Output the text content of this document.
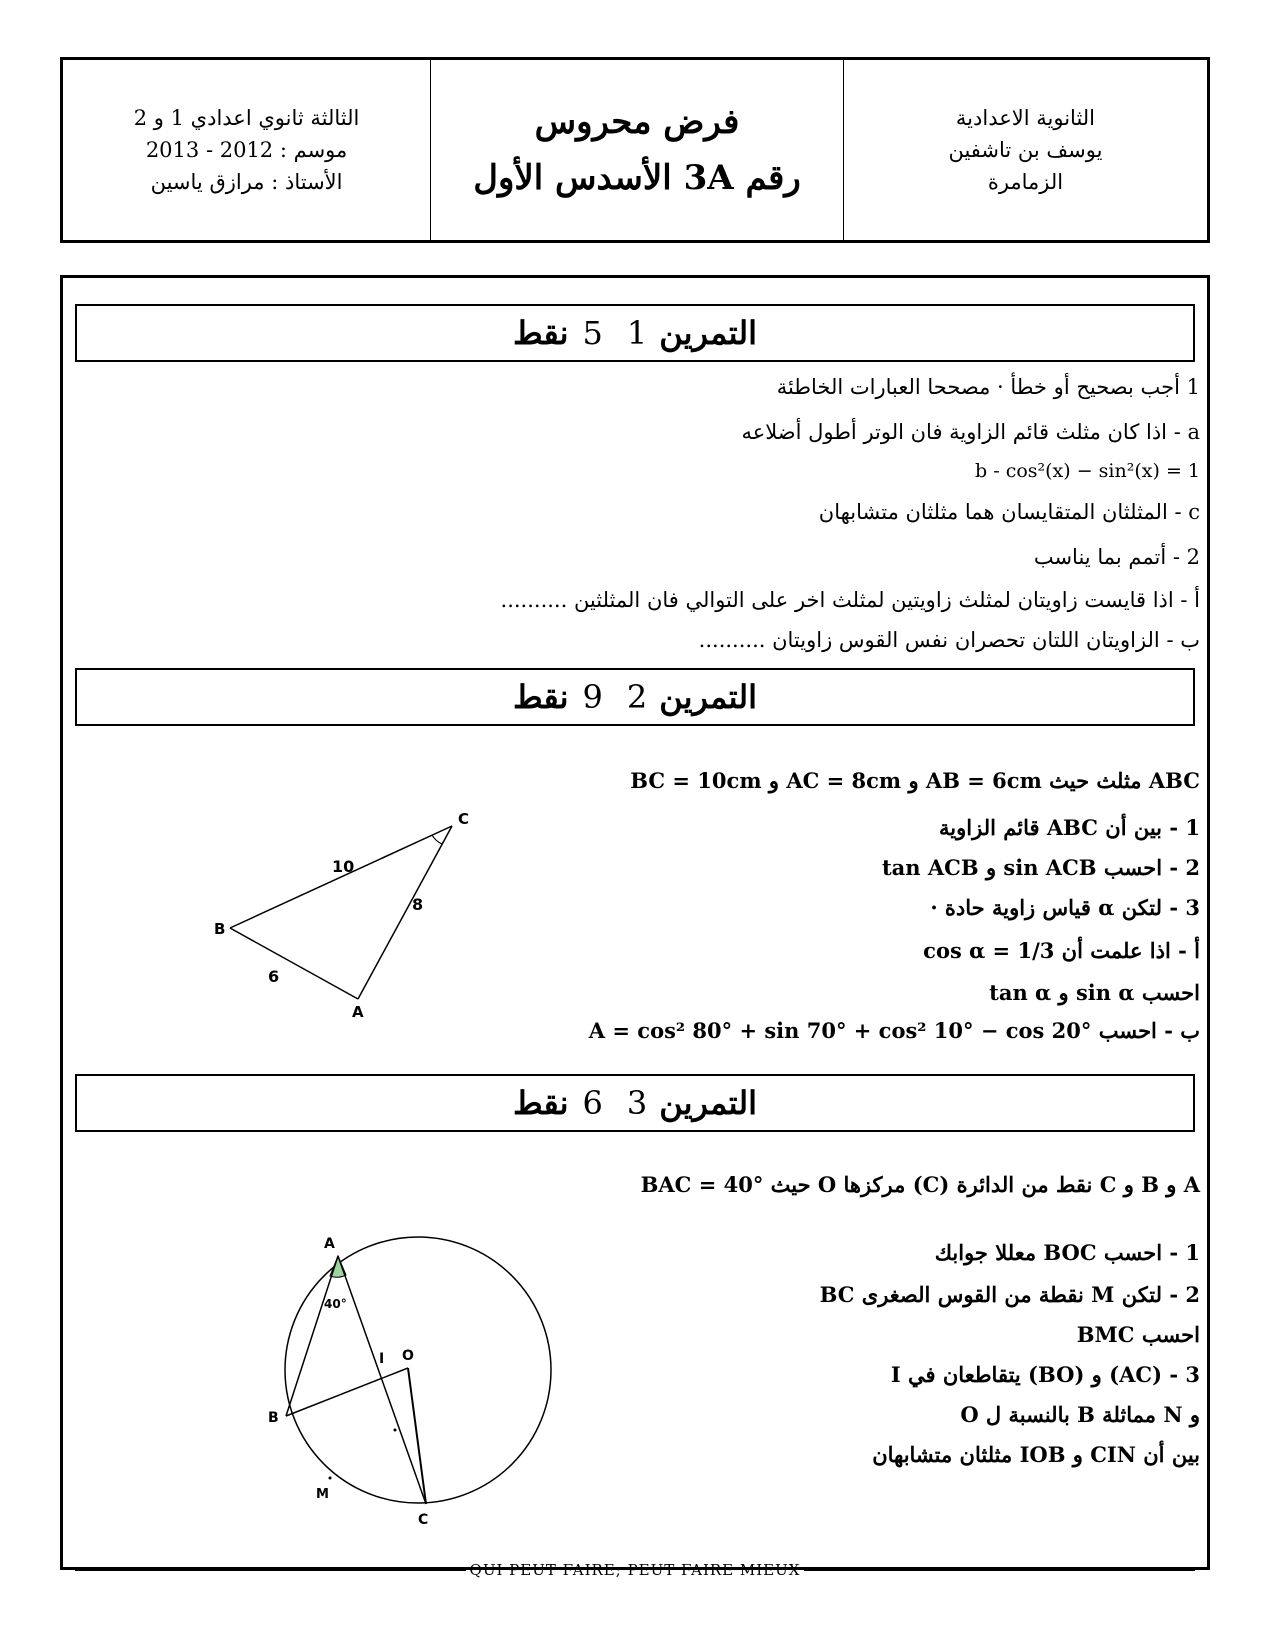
الثالثة ثانوي اعدادي 1 و 2
موسم : 2012 - 2013
الأستاذ : مرازق ياسين
فرض محروس
رقم 3A الأسدس الأول
الثانوية الاعدادية
يوسف بن تاشفين
الزمامرة
التمرين
1
5
نقط
1 أجب بصحيح أو خطأ · مصححا العبارات الخاطئة
a - اذا كان مثلث قائم الزاوية فان الوتر أطول أضلاعه
b - cos²(x) − sin²(x) = 1
c - المثلثان المتقايسان هما مثلثان متشابهان
2 - أتمم بما يناسب
أ - اذا قايست زاويتان لمثلث زاويتين لمثلث اخر على التوالي فان المثلثين ..........
ب - الزاويتان اللتان تحصران نفس القوس زاويتان ..........
التمرين
2
9
نقط
ABC مثلث حيث AB = 6cm و AC = 8cm و BC = 10cm
1 - بين أن ABC قائم الزاوية
2 - احسب sin ACB و tan ACB
3 - لتكن α قياس زاوية حادة ·
أ - اذا علمت أن cos α = 1/3
احسب sin α و tan α
ب - احسب A = cos² 80° + sin 70° + cos² 10° − cos 20°
C
B
A
10
8
6
التمرين
3
6
نقط
A و B و C نقط من الدائرة (C) مركزها O حيث BAC = 40°
1 - احسب BOC معللا جوابك
2 - لتكن M نقطة من القوس الصغرى BC
احسب BMC
3 - (AC) و (BO) يتقاطعان في I
و N مماثلة B بالنسبة ل O
بين أن CIN و IOB مثلثان متشابهان
A
B
C
O
I
M
40°
QUI PEUT FAIRE; PEUT FAIRE MIEUX
